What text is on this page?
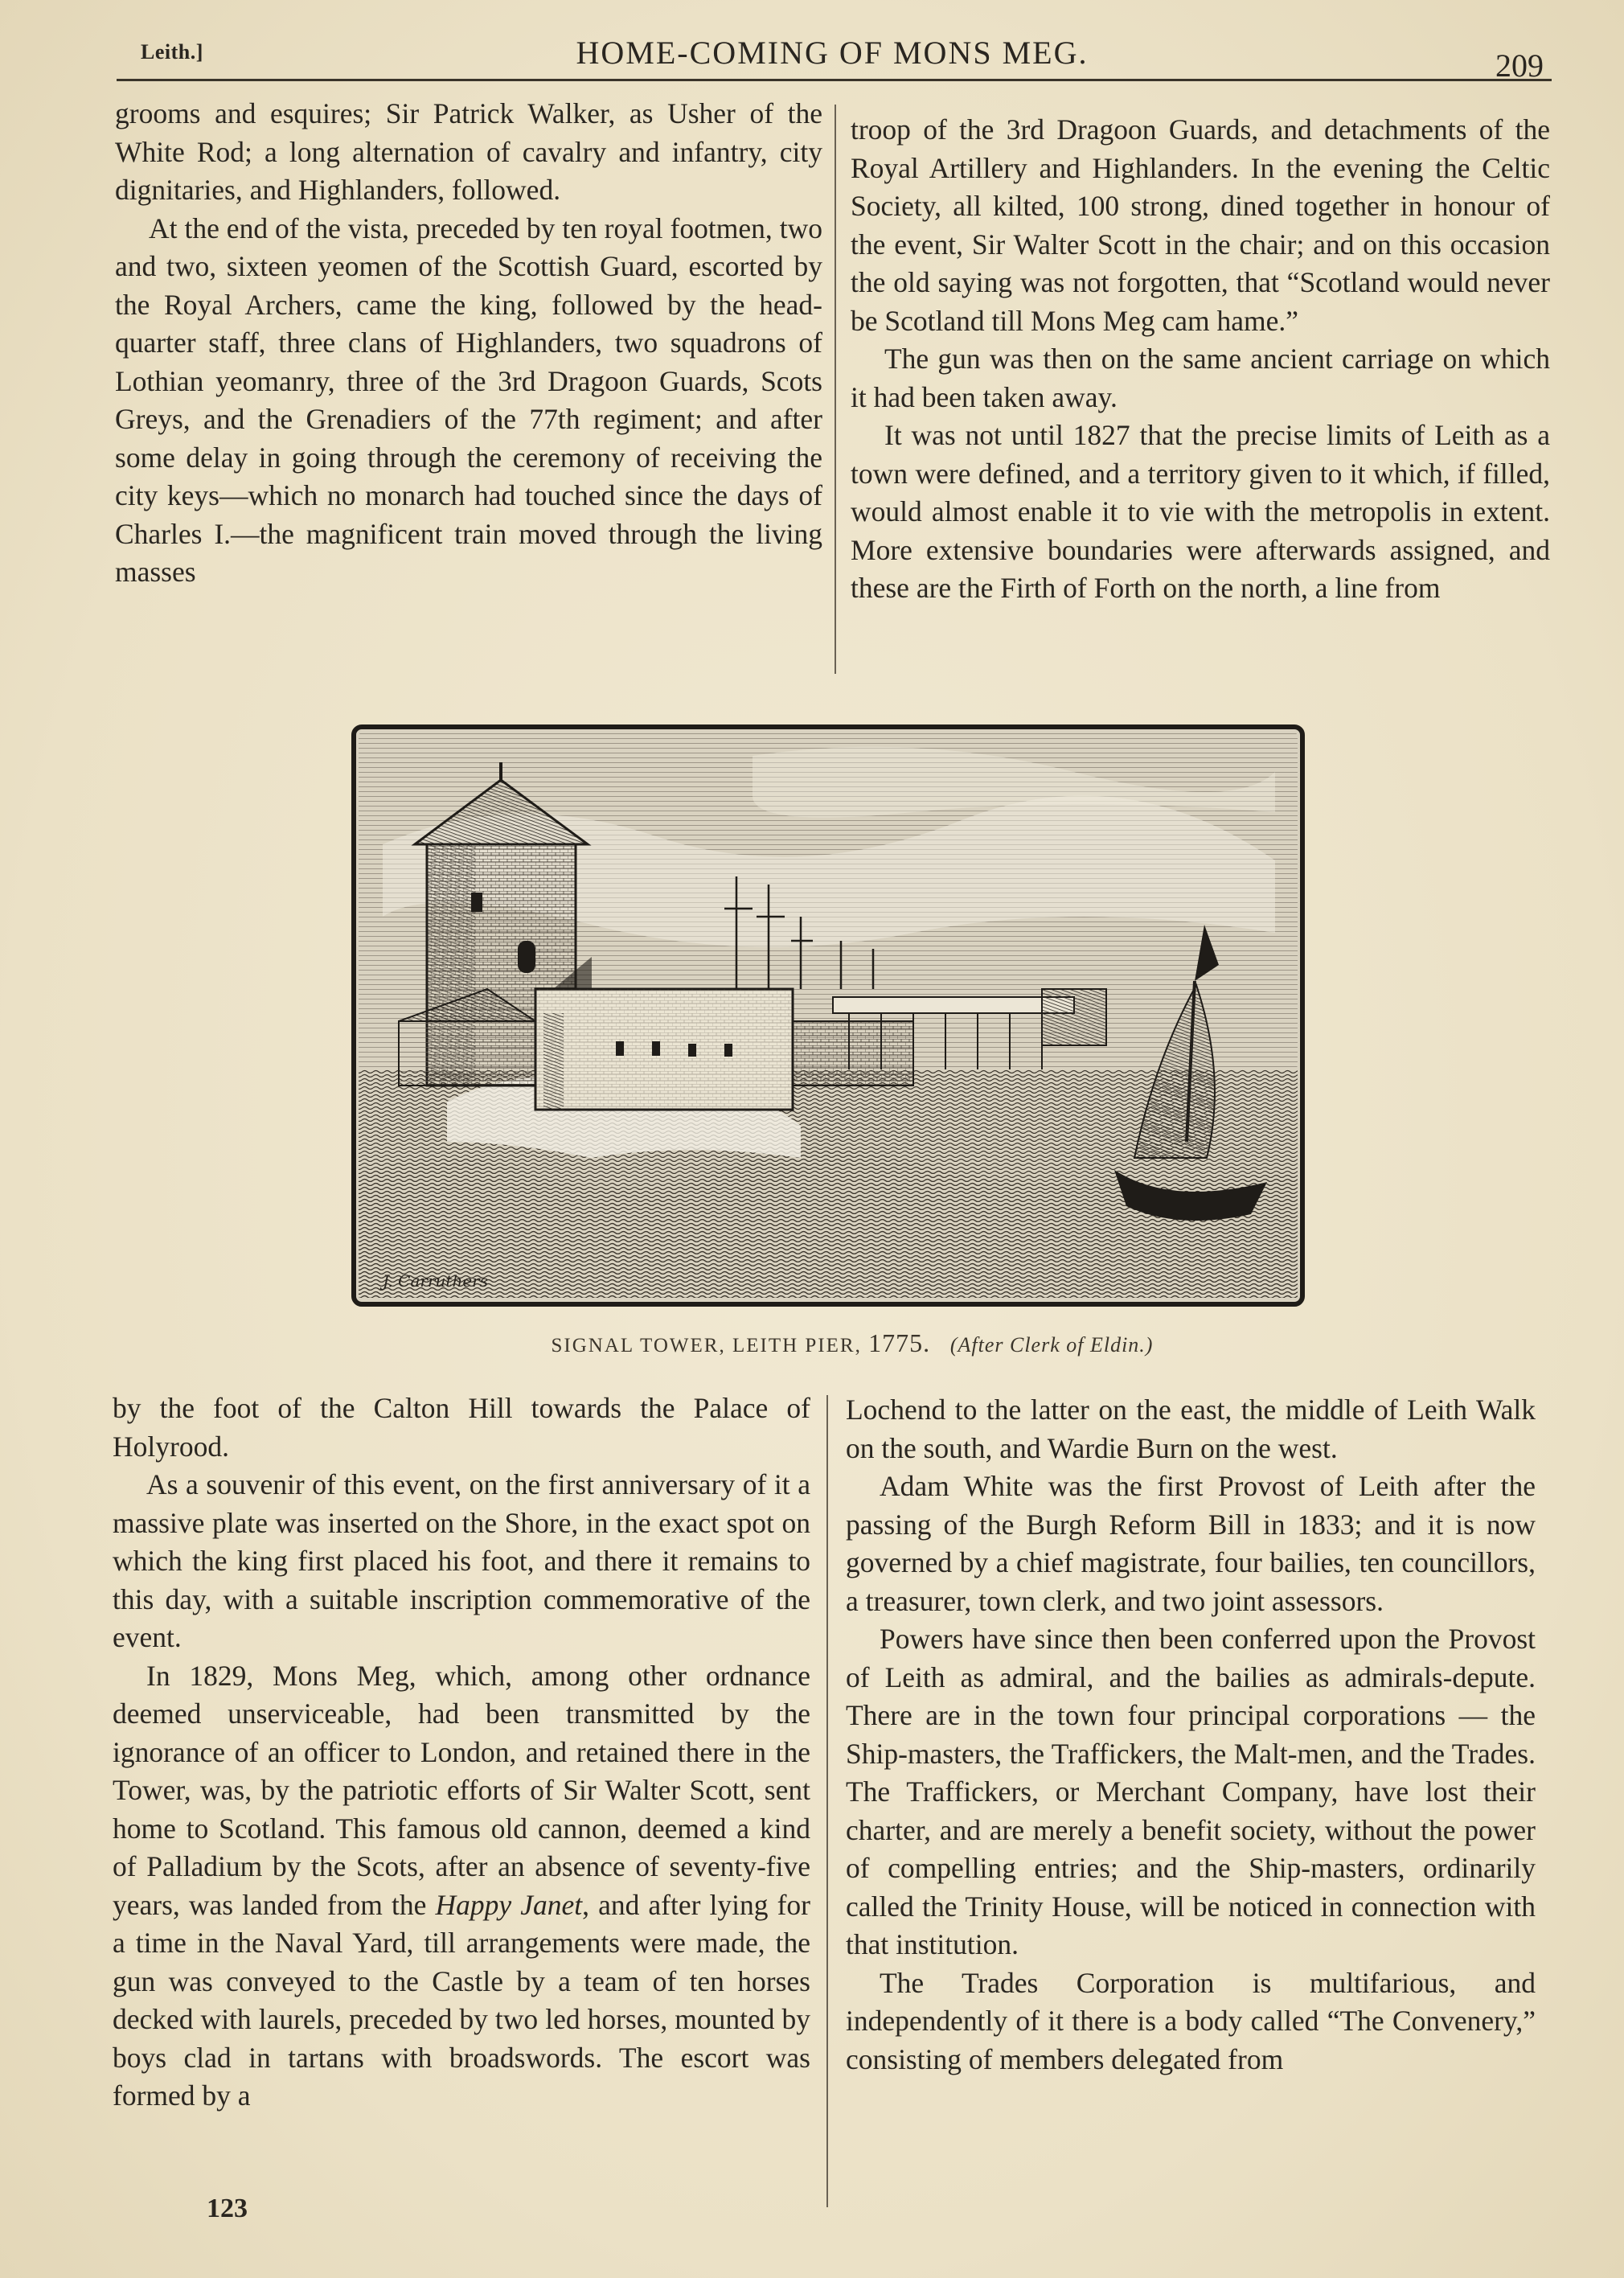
Leith.]	HOME-COMING OF MONS MEG.	209

grooms and esquires; Sir Patrick Walker, as Usher of the White Rod; a long alternation of cavalry and infantry, city dignitaries, and Highlanders, followed.

At the end of the vista, preceded by ten royal footmen, two and two, sixteen yeomen of the Scottish Guard, escorted by the Royal Archers, came the king, followed by the head-quarter staff, three clans of Highlanders, two squadrons of Lothian yeomanry, three of the 3rd Dragoon Guards, Scots Greys, and the Grenadiers of the 77th regiment; and after some delay in going through the ceremony of receiving the city keys—which no monarch had touched since the days of Charles I.—the magnificent train moved through the living masses

troop of the 3rd Dragoon Guards, and detachments of the Royal Artillery and Highlanders. In the evening the Celtic Society, all kilted, 100 strong, dined together in honour of the event, Sir Walter Scott in the chair; and on this occasion the old saying was not forgotten, that “Scotland would never be Scotland till Mons Meg cam hame.”

The gun was then on the same ancient carriage on which it had been taken away.

It was not until 1827 that the precise limits of Leith as a town were defined, and a territory given to it which, if filled, would almost enable it to vie with the metropolis in extent. More extensive boundaries were afterwards assigned, and these are the Firth of Forth on the north, a line from

J. Carruthers
SIGNAL TOWER, LEITH PIER, 1775. (After Clerk of Eldin.)

by the foot of the Calton Hill towards the Palace of Holyrood.

As a souvenir of this event, on the first anniversary of it a massive plate was inserted on the Shore, in the exact spot on which the king first placed his foot, and there it remains to this day, with a suitable inscription commemorative of the event.

In 1829, Mons Meg, which, among other ordnance deemed unserviceable, had been transmitted by the ignorance of an officer to London, and retained there in the Tower, was, by the patriotic efforts of Sir Walter Scott, sent home to Scotland. This famous old cannon, deemed a kind of Palladium by the Scots, after an absence of seventy-five years, was landed from the Happy Janet, and after lying for a time in the Naval Yard, till arrangements were made, the gun was conveyed to the Castle by a team of ten horses decked with laurels, preceded by two led horses, mounted by boys clad in tartans with broadswords. The escort was formed by a

Lochend to the latter on the east, the middle of Leith Walk on the south, and Wardie Burn on the west.

Adam White was the first Provost of Leith after the passing of the Burgh Reform Bill in 1833; and it is now governed by a chief magistrate, four bailies, ten councillors, a treasurer, town clerk, and two joint assessors.

Powers have since then been conferred upon the Provost of Leith as admiral, and the bailies as admirals-depute. There are in the town four principal corporations — the Ship-masters, the Traffickers, the Malt-men, and the Trades. The Traffickers, or Merchant Company, have lost their charter, and are merely a benefit society, without the power of compelling entries; and the Ship-masters, ordinarily called the Trinity House, will be noticed in connection with that institution.

The Trades Corporation is multifarious, and independently of it there is a body called “The Convenery,” consisting of members delegated from

123
